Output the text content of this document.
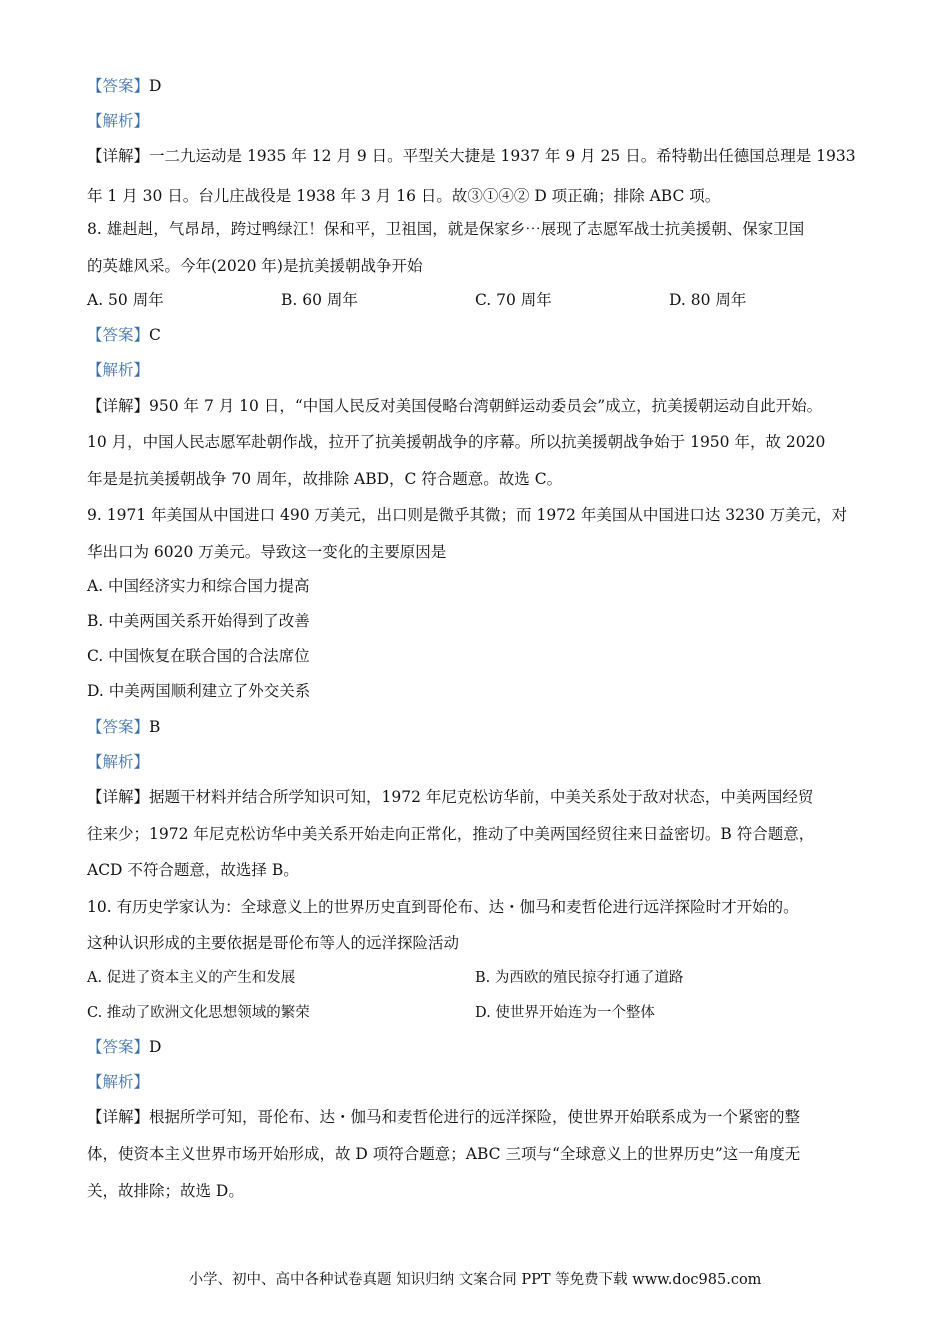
【答案】D
【解析】
【详解】一二九运动是 1935 年 12 月 9 日。平型关大捷是 1937 年 9 月 25 日。希特勒出任德国总理是 1933
年 1 月 30 日。台儿庄战役是 1938 年 3 月 16 日。故③①④② D 项正确；排除 ABC 项。
8. 雄赳赳，气昂昂，跨过鸭绿江！保和平，卫祖国，就是保家乡⋯展现了志愿军战士抗美援朝、保家卫国
的英雄风采。今年(2020 年)是抗美援朝战争开始
A. 50 周年	B. 60 周年	C. 70 周年	D. 80 周年
【答案】C
【解析】
【详解】950 年 7 月 10 日，“中国人民反对美国侵略台湾朝鲜运动委员会”成立，抗美援朝运动自此开始。
10 月，中国人民志愿军赴朝作战，拉开了抗美援朝战争的序幕。所以抗美援朝战争始于 1950 年，故 2020
年是是抗美援朝战争 70 周年，故排除 ABD，C 符合题意。故选 C。
9. 1971 年美国从中国进口 490 万美元，出口则是微乎其微；而 1972 年美国从中国进口达 3230 万美元，对
华出口为 6020 万美元。导致这一变化的主要原因是
A. 中国经济实力和综合国力提高
B. 中美两国关系开始得到了改善
C. 中国恢复在联合国的合法席位
D. 中美两国顺利建立了外交关系
【答案】B
【解析】
【详解】据题干材料并结合所学知识可知，1972 年尼克松访华前，中美关系处于敌对状态，中美两国经贸
往来少；1972 年尼克松访华中美关系开始走向正常化，推动了中美两国经贸往来日益密切。B 符合题意，
ACD 不符合题意，故选择 B。
10. 有历史学家认为：全球意义上的世界历史直到哥伦布、达・伽马和麦哲伦进行远洋探险时才开始的。
这种认识形成的主要依据是哥伦布等人的远洋探险活动
A. 促进了资本主义的产生和发展	B. 为西欧的殖民掠夺打通了道路
C. 推动了欧洲文化思想领域的繁荣	D. 使世界开始连为一个整体
【答案】D
【解析】
【详解】根据所学可知，哥伦布、达・伽马和麦哲伦进行的远洋探险，使世界开始联系成为一个紧密的整
体，使资本主义世界市场开始形成，故 D 项符合题意；ABC 三项与“全球意义上的世界历史”这一角度无
关，故排除；故选 D。
小学、初中、高中各种试卷真题 知识归纳 文案合同 PPT 等免费下载 www.doc985.com
